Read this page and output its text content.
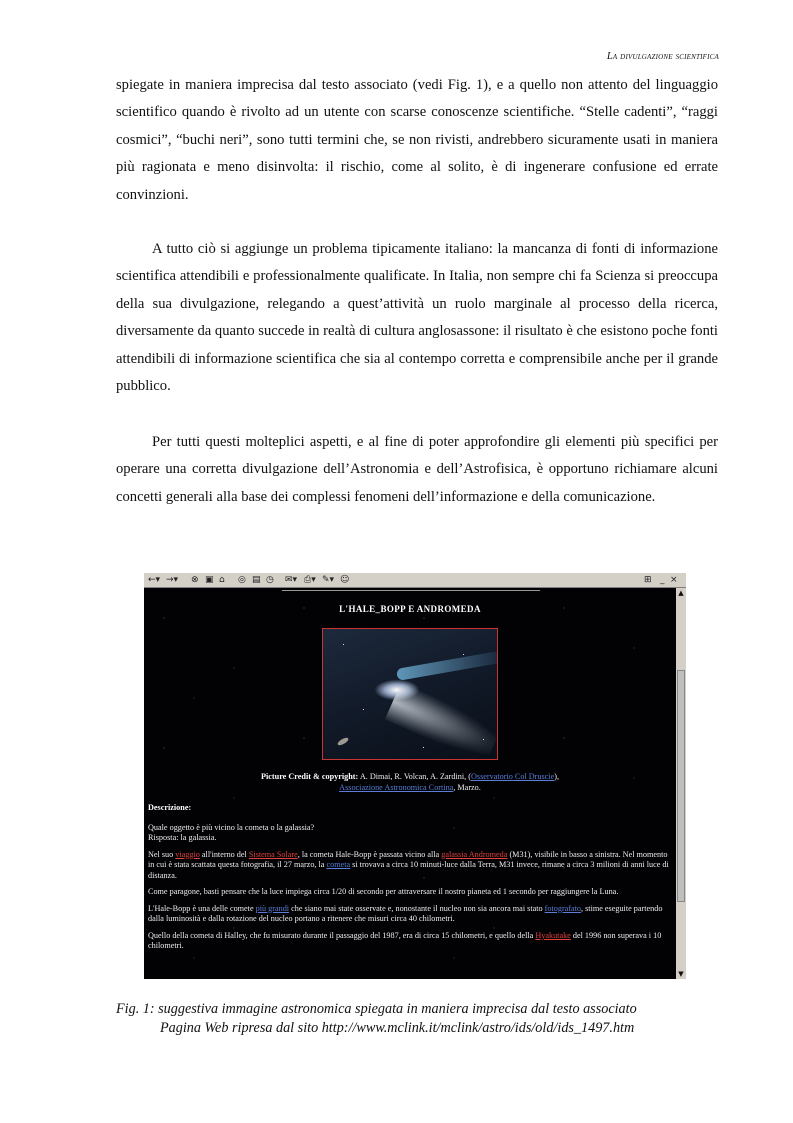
La divulgazione scientifica

spiegate in maniera imprecisa dal testo associato (vedi Fig. 1), e a quello non attento del linguaggio scientifico quando è rivolto ad un utente con scarse conoscenze scientifiche. “Stelle cadenti”, “raggi cosmici”, “buchi neri”, sono tutti termini che, se non rivisti, andrebbero sicuramente usati in maniera più ragionata e meno disinvolta: il rischio, come al solito, è di ingenerare confusione ed errate convinzioni.

A tutto ciò si aggiunge un problema tipicamente italiano: la mancanza di fonti di informazione scientifica attendibili e professionalmente qualificate. In Italia, non sempre chi fa Scienza si preoccupa della sua divulgazione, relegando a quest’attività un ruolo marginale al processo della ricerca, diversamente da quanto succede in realtà di cultura anglosassone: il risultato è che esistono poche fonti attendibili di informazione scientifica che sia al contempo corretta e comprensibile anche per il grande pubblico.

Per tutti questi molteplici aspetti, e al fine di poter approfondire gli elementi più specifici per operare una corretta divulgazione dell’Astronomia e dell’Astrofisica, è opportuno richiamare alcuni concetti generali alla base dei complessi fenomeni dell’informazione e della comunicazione.

←▾ →▾ ⊗ ▣ ⌂ ◎ ▤ ◷ ✉▾ ⎙▾ ✎▾ ☺	⊞ _ ×
L'HALE_BOPP E ANDROMEDA
Picture Credit & copyright: A. Dimai, R. Volcan, A. Zardini, (Osservatorio Col Druscie),
Associazione Astronomica Cortina, Marzo.

Descrizione:

Quale oggetto è più vicino la cometa o la galassia?
Risposta: la galassia.

Nel suo viaggio all'interno del Sistema Solare, la cometa Hale-Bopp è passata vicino alla galassia Andromeda (M31), visibile in basso a sinistra. Nel momento in cui è stata scattata questa fotografia, il 27 marzo, la cometa si trovava a circa 10 minuti-luce dalla Terra, M31 invece, rimane a circa 3 milioni di anni luce di distanza.

Come paragone, basti pensare che la luce impiega circa 1/20 di secondo per attraversare il nostro pianeta ed 1 secondo per raggiungere la Luna.

L'Hale-Bopp è una delle comete più grandi che siano mai state osservate e, nonostante il nucleo non sia ancora mai stato fotografato, stime eseguite partendo dalla luminosità e dalla rotazione del nucleo portano a ritenere che misuri circa 40 chilometri.

Quello della cometa di Halley, che fu misurato durante il passaggio del 1987, era di circa 15 chilometri, e quello della Hyakutake del 1996 non superava i 10 chilometri.

▲
▼
Fig. 1: suggestiva immagine astronomica spiegata in maniera imprecisa dal testo associato
Pagina Web ripresa dal sito http://www.mclink.it/mclink/astro/ids/old/ids_1497.htm
